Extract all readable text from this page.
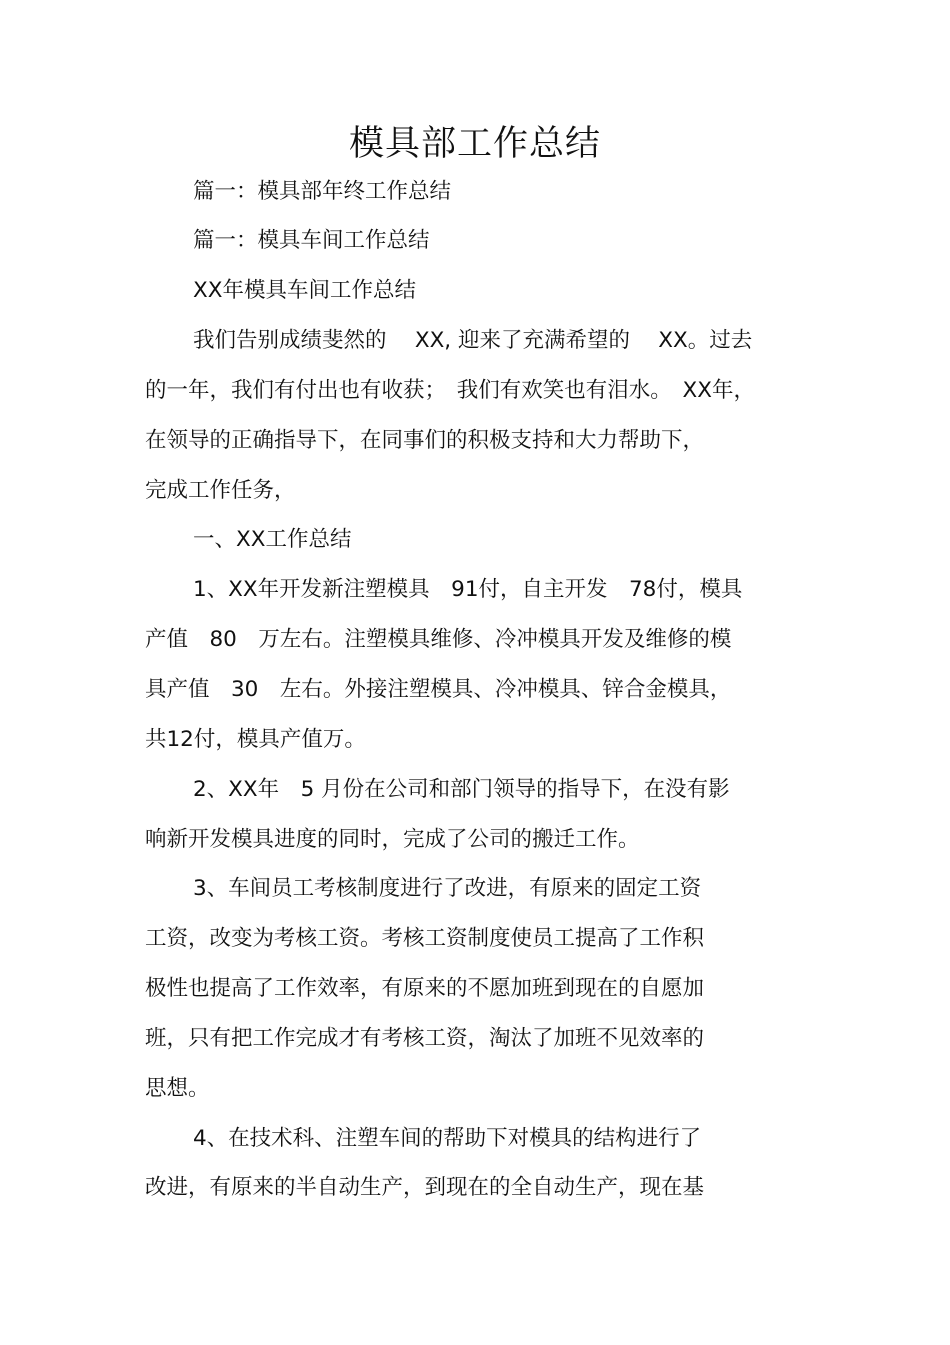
模具部工作总结

篇一：模具部年终工作总结

篇一：模具车间工作总结

XX年模具车间工作总结

我们告别成绩斐然的　 XX, 迎来了充满希望的　 XX。过去

的一年，我们有付出也有收获；　我们有欢笑也有泪水。　XX年，

在领导的正确指导下，在同事们的积极支持和大力帮助下，

完成工作任务，

一、XX工作总结

1、XX年开发新注塑模具　91付，自主开发　78付，模具

产值　80　万左右。注塑模具维修、冷冲模具开发及维修的模

具产值　30　左右。外接注塑模具、冷冲模具、锌合金模具，

共12付，模具产值万。

2、XX年　5 月份在公司和部门领导的指导下，在没有影

响新开发模具进度的同时，完成了公司的搬迁工作。

3、车间员工考核制度进行了改进，有原来的固定工资

工资，改变为考核工资。考核工资制度使员工提高了工作积

极性也提高了工作效率，有原来的不愿加班到现在的自愿加

班，只有把工作完成才有考核工资，淘汰了加班不见效率的

思想。

4、在技术科、注塑车间的帮助下对模具的结构进行了

改进，有原来的半自动生产，到现在的全自动生产，现在基
